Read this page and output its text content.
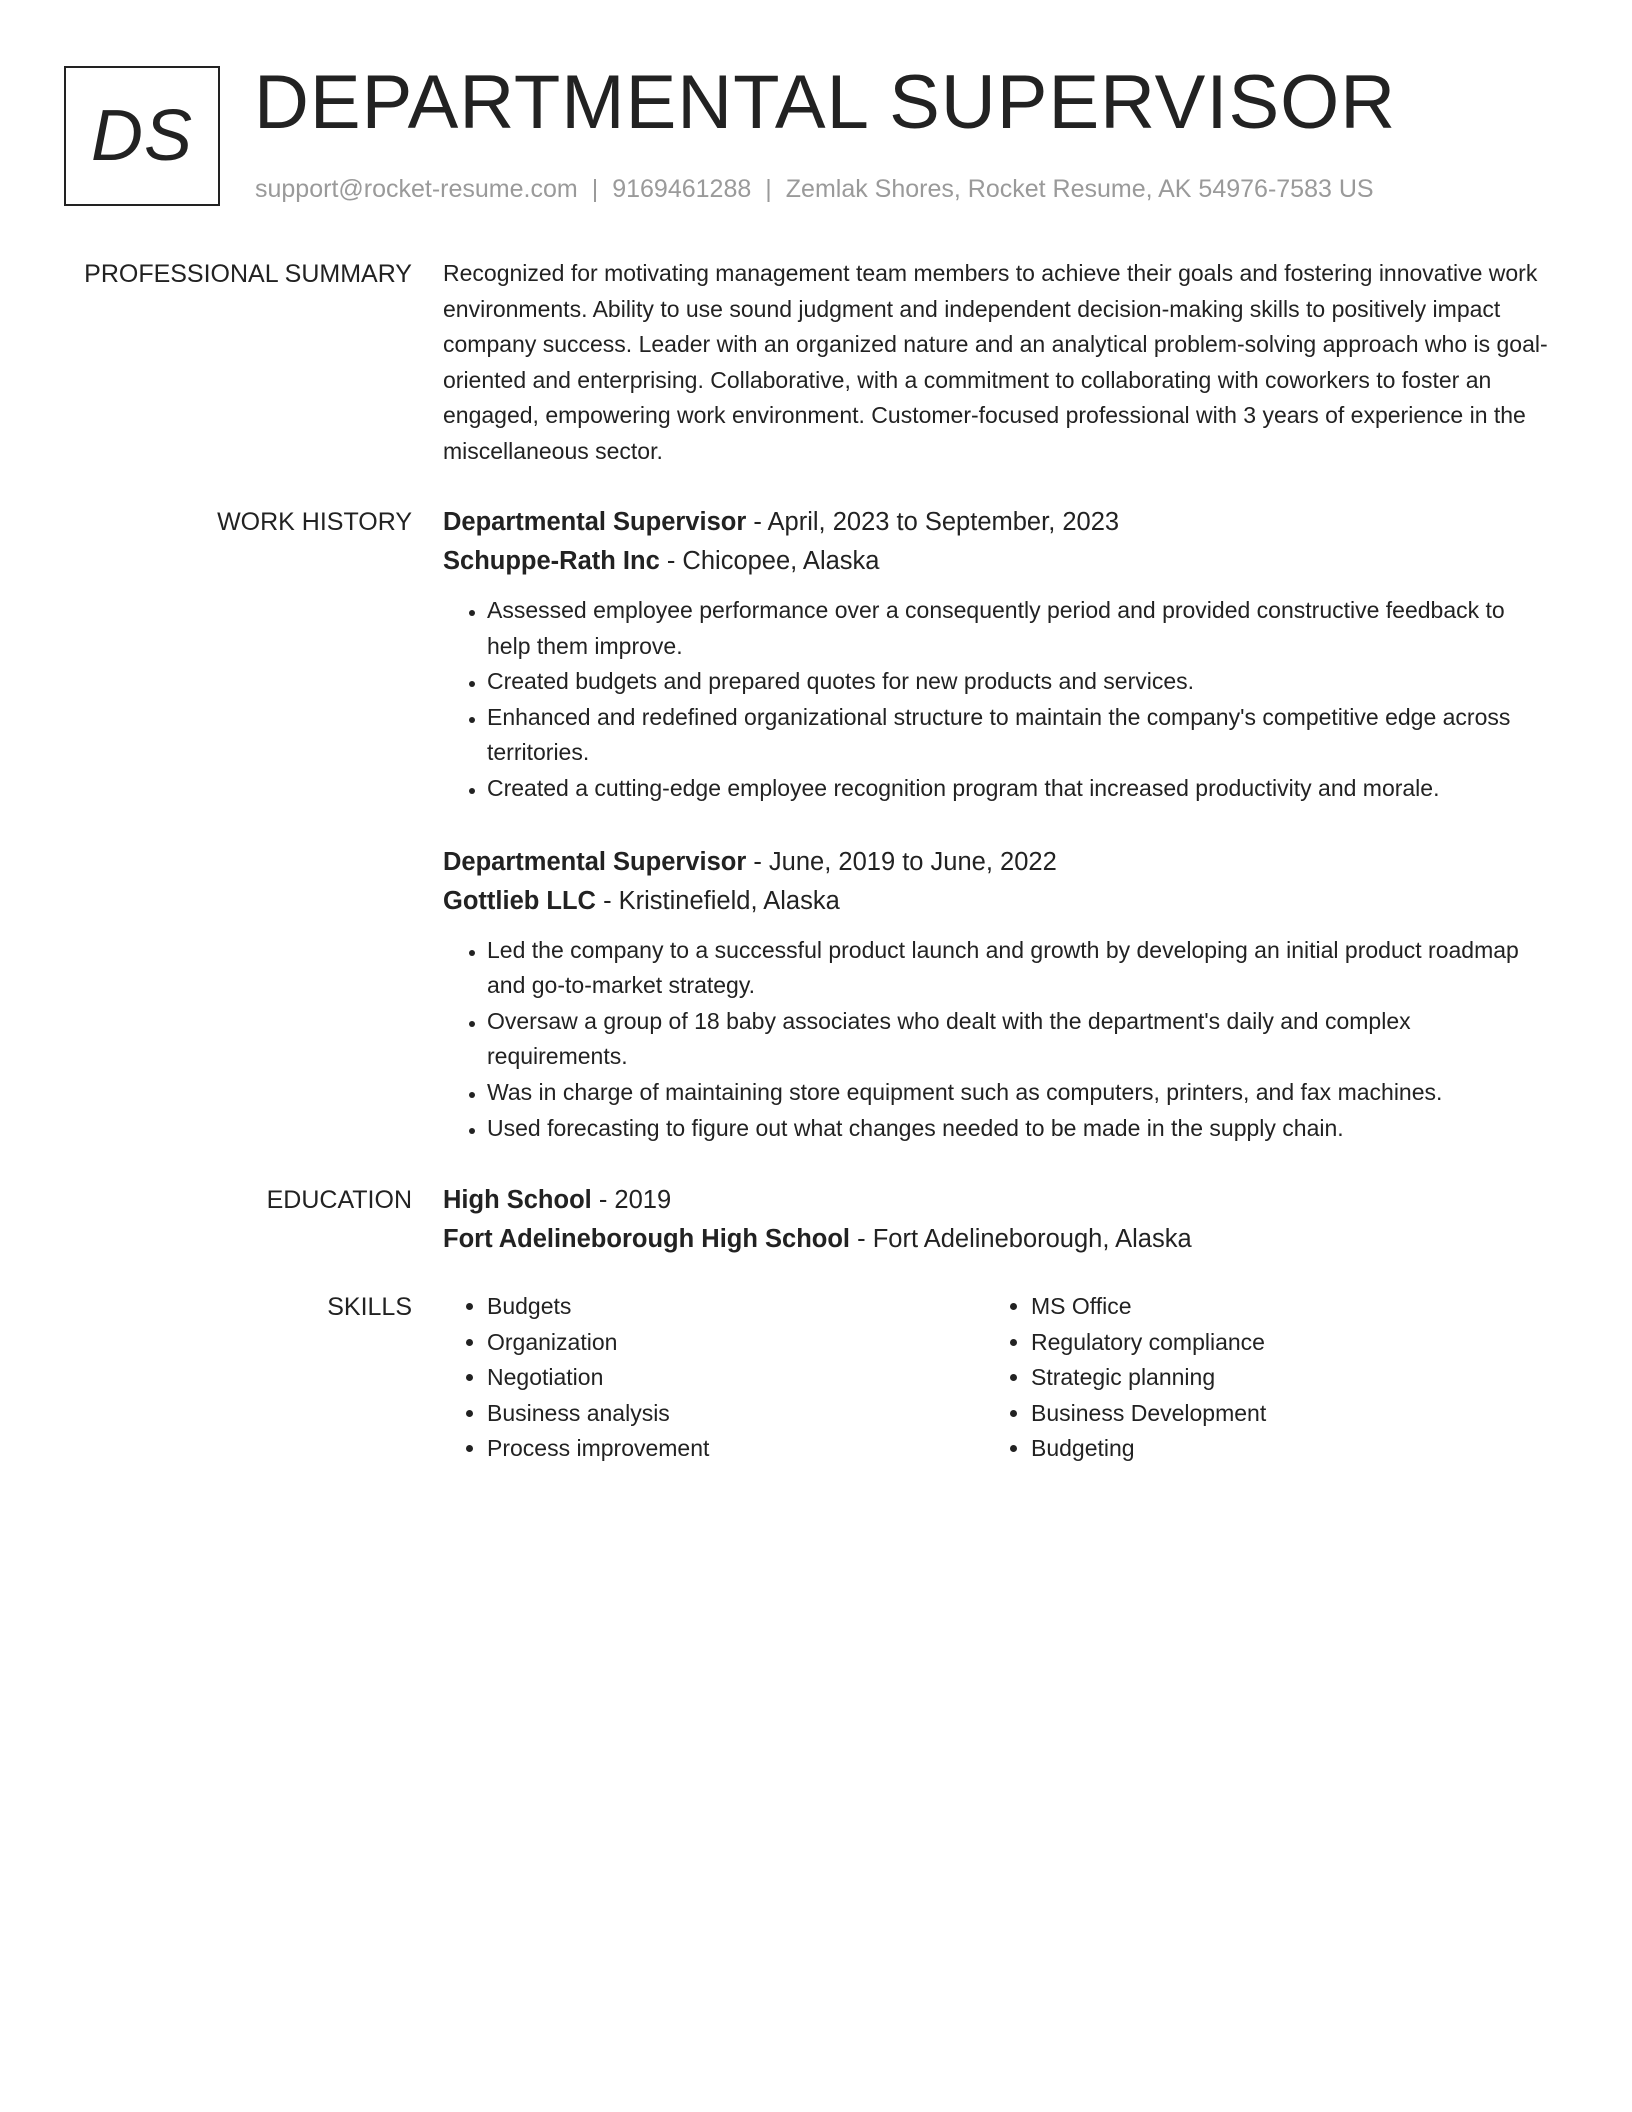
DS DEPARTMENTAL SUPERVISOR
support@rocket-resume.com | 9169461288 | Zemlak Shores, Rocket Resume, AK 54976-7583 US
PROFESSIONAL SUMMARY Recognized for motivating management team members to achieve their goals and fostering innovative work environments. Ability to use sound judgment and independent decision-making skills to positively impact company success. Leader with an organized nature and an analytical problem-solving approach who is goal-oriented and enterprising. Collaborative, with a commitment to collaborating with coworkers to foster an engaged, empowering work environment. Customer-focused professional with 3 years of experience in the miscellaneous sector.

WORK HISTORY Departmental Supervisor - April, 2023 to September, 2023
Schuppe-Rath Inc - Chicopee, Alaska
• Assessed employee performance over a consequently period and provided constructive feedback to help them improve.
• Created budgets and prepared quotes for new products and services.
• Enhanced and redefined organizational structure to maintain the company's competitive edge across territories.
• Created a cutting-edge employee recognition program that increased productivity and morale.
Departmental Supervisor - June, 2019 to June, 2022
Gottlieb LLC - Kristinefield, Alaska
• Led the company to a successful product launch and growth by developing an initial product roadmap and go-to-market strategy.
• Oversaw a group of 18 baby associates who dealt with the department's daily and complex requirements.
• Was in charge of maintaining store equipment such as computers, printers, and fax machines.
• Used forecasting to figure out what changes needed to be made in the supply chain.
EDUCATION High School - 2019
Fort Adelineborough High School - Fort Adelineborough, Alaska
SKILLS
•	Budgets
• Organization
• Negotiation
• Business analysis
• Process improvement
• MS Office
• Regulatory compliance
• Strategic planning
• Business Development
• Budgeting
